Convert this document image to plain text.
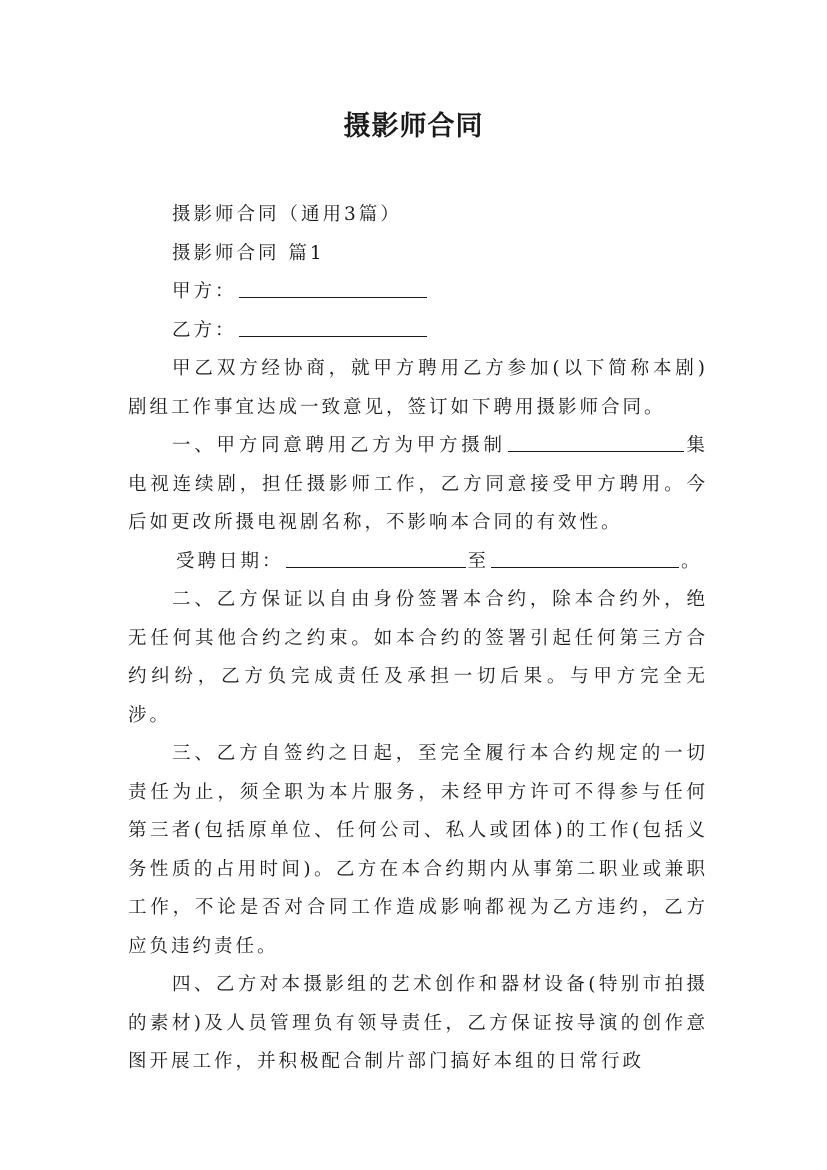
摄影师合同

摄影师合同（通用3篇）

摄影师合同 篇1

甲方：

乙方：

甲乙双方经协商，就甲方聘用乙方参加(以下简称本剧)剧组工作事宜达成一致意见，签订如下聘用摄影师合同。

一、甲方同意聘用乙方为甲方摄制	集电视连续剧，担任摄影师工作，乙方同意接受甲方聘用。今后如更改所摄电视剧名称，不影响本合同的有效性。

受聘日期：	至	。

二、乙方保证以自由身份签署本合约，除本合约外，绝无任何其他合约之约束。如本合约的签署引起任何第三方合约纠纷，乙方负完成责任及承担一切后果。与甲方完全无涉。

三、乙方自签约之日起，至完全履行本合约规定的一切责任为止，须全职为本片服务，未经甲方许可不得参与任何第三者(包括原单位、任何公司、私人或团体)的工作(包括义务性质的占用时间)。乙方在本合约期内从事第二职业或兼职工作，不论是否对合同工作造成影响都视为乙方违约，乙方应负违约责任。

四、乙方对本摄影组的艺术创作和器材设备(特别市拍摄的素材)及人员管理负有领导责任，乙方保证按导演的创作意图开展工作，并积极配合制片部门搞好本组的日常行政
